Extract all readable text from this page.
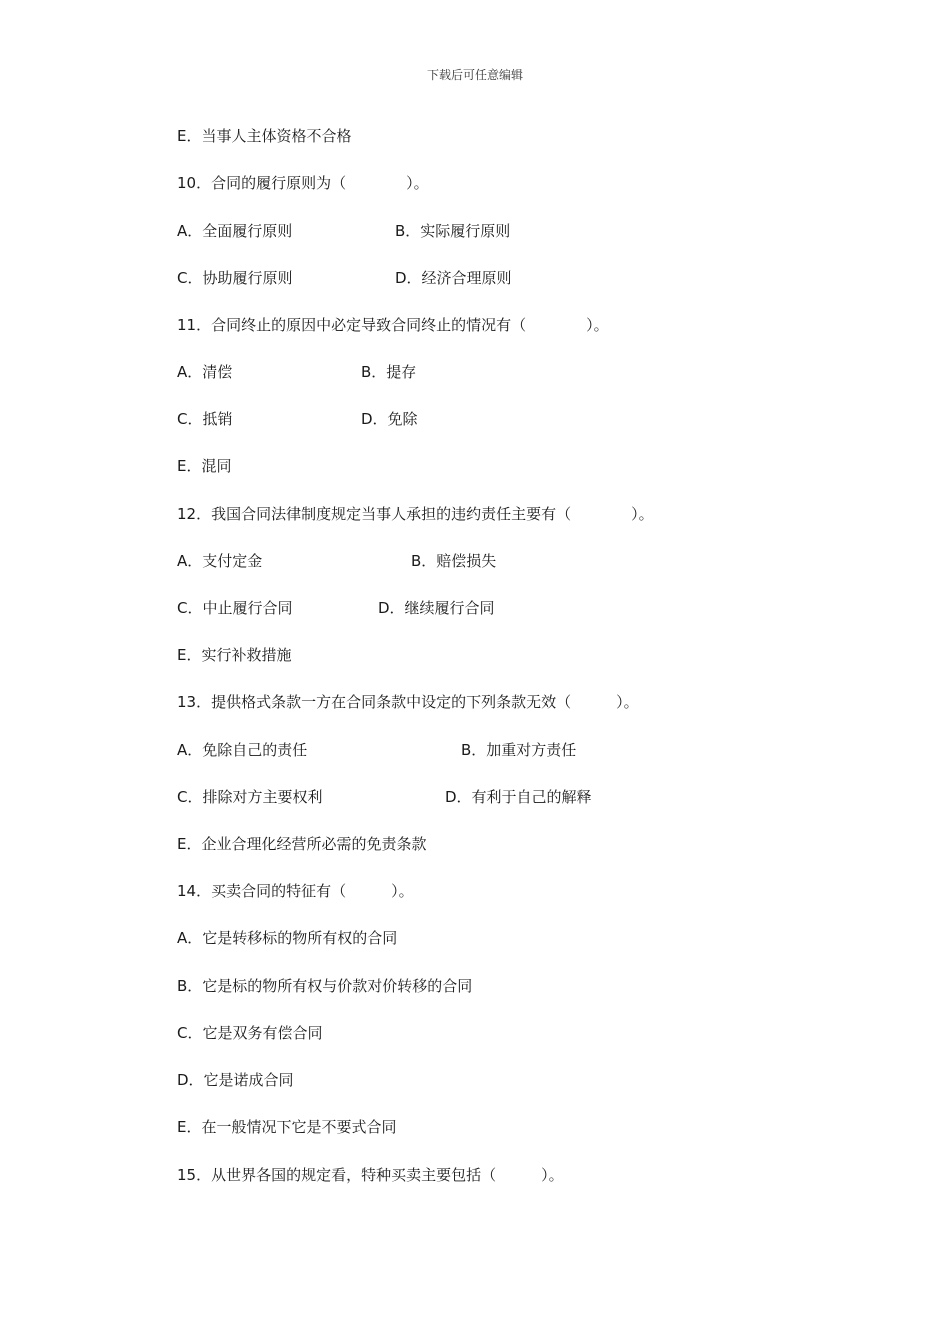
下载后可任意编辑
E．当事人主体资格不合格
10．合同的履行原则为（　　　　）。
A．全面履行原则	B．实际履行原则
C．协助履行原则	D．经济合理原则
11．合同终止的原因中必定导致合同终止的情况有（　　　　）。
A．清偿	B．提存
C．抵销	D．免除
E．混同
12．我国合同法律制度规定当事人承担的违约责任主要有（　　　　）。
A．支付定金	B．赔偿损失
C．中止履行合同	D．继续履行合同
E．实行补救措施
13．提供格式条款一方在合同条款中设定的下列条款无效（　　　）。
A．免除自己的责任	B．加重对方责任
C．排除对方主要权利	D．有利于自己的解释
E．企业合理化经营所必需的免责条款
14．买卖合同的特征有（　　　）。
A．它是转移标的物所有权的合同
B．它是标的物所有权与价款对价转移的合同
C．它是双务有偿合同
D．它是诺成合同
E．在一般情况下它是不要式合同
15．从世界各国的规定看，特种买卖主要包括（　　　）。
